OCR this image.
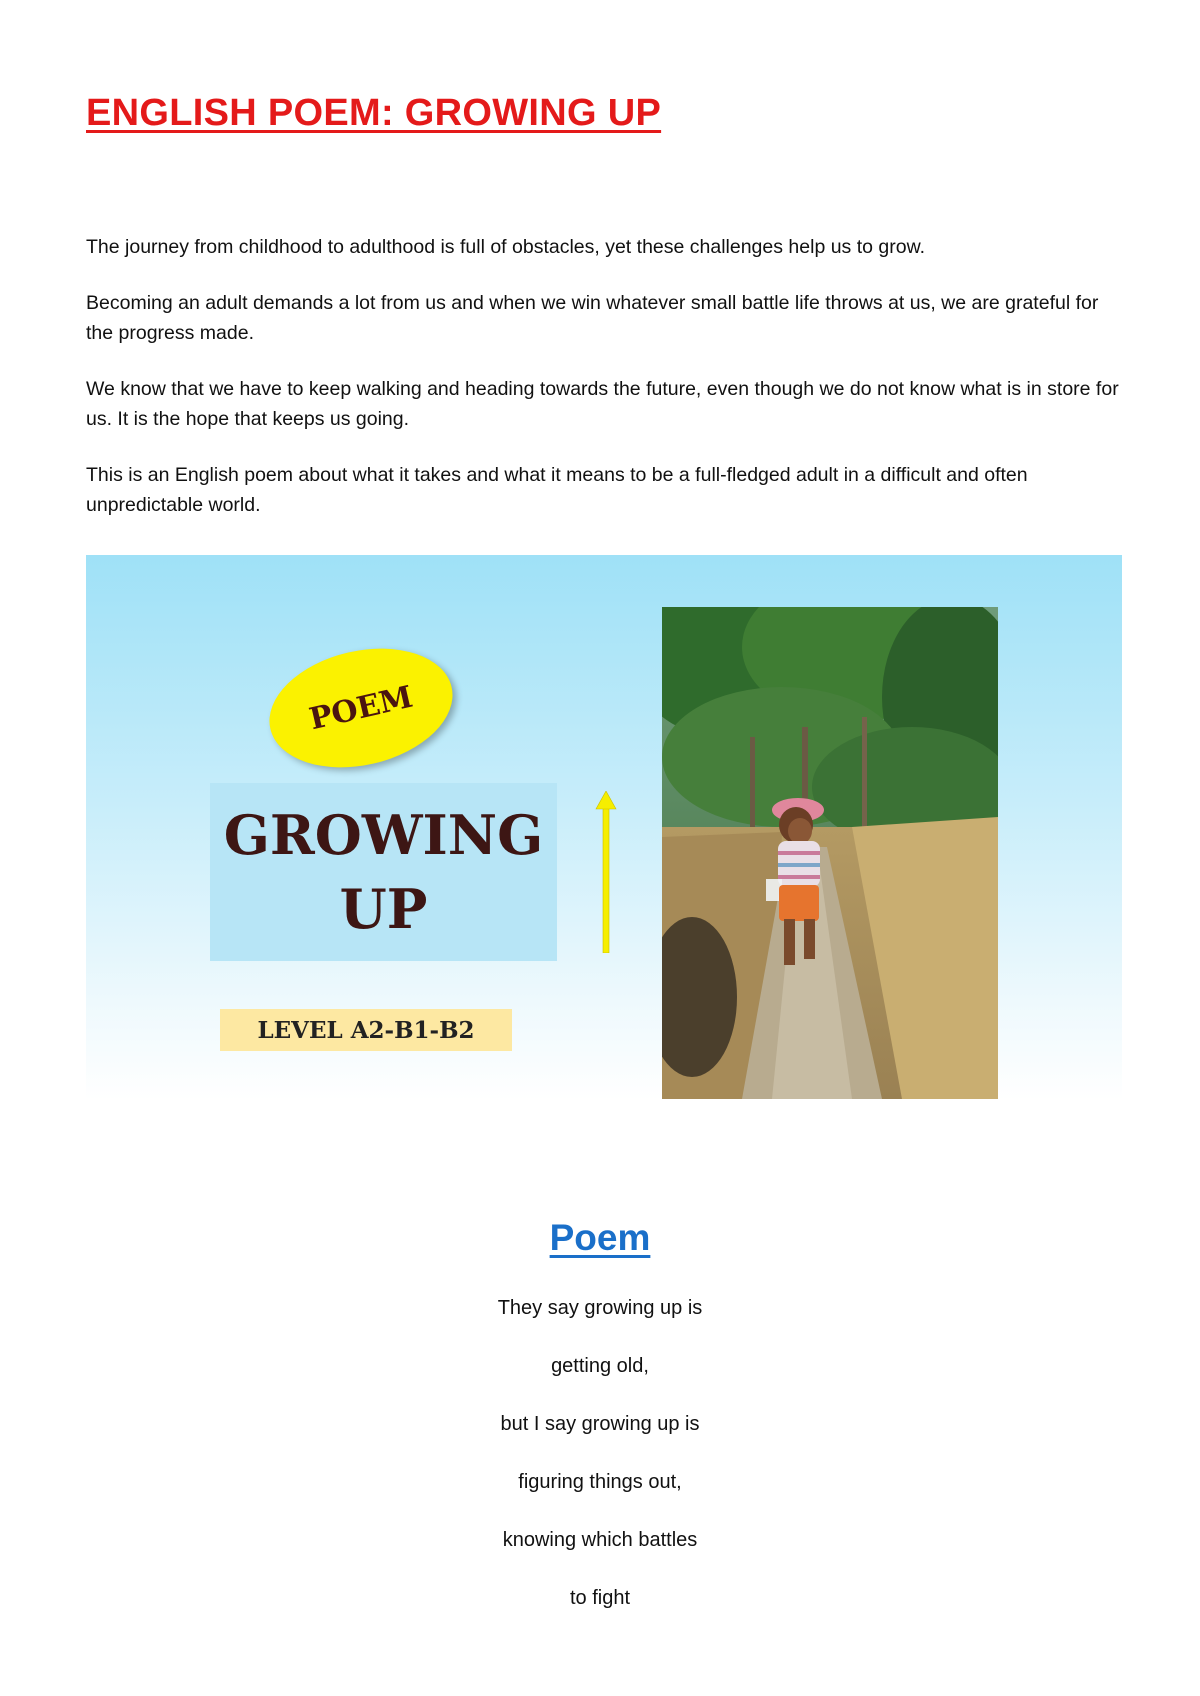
ENGLISH POEM: GROWING UP

The journey from childhood to adulthood is full of obstacles, yet these challenges help us to grow.

Becoming an adult demands a lot from us and when we win whatever small battle life throws at us, we are grateful for the progress made.

We know that we have to keep walking and heading towards the future, even though we do not know what is in store for us. It is the hope that keeps us going.

This is an English poem about what it takes and what it means to be a full-fledged adult in a difficult and often unpredictable world.

POEM
GROWING
UP
LEVEL A2-B1-B2
Poem
They say growing up is
getting old,
but I say growing up is
figuring things out,
knowing which battles
to fight
